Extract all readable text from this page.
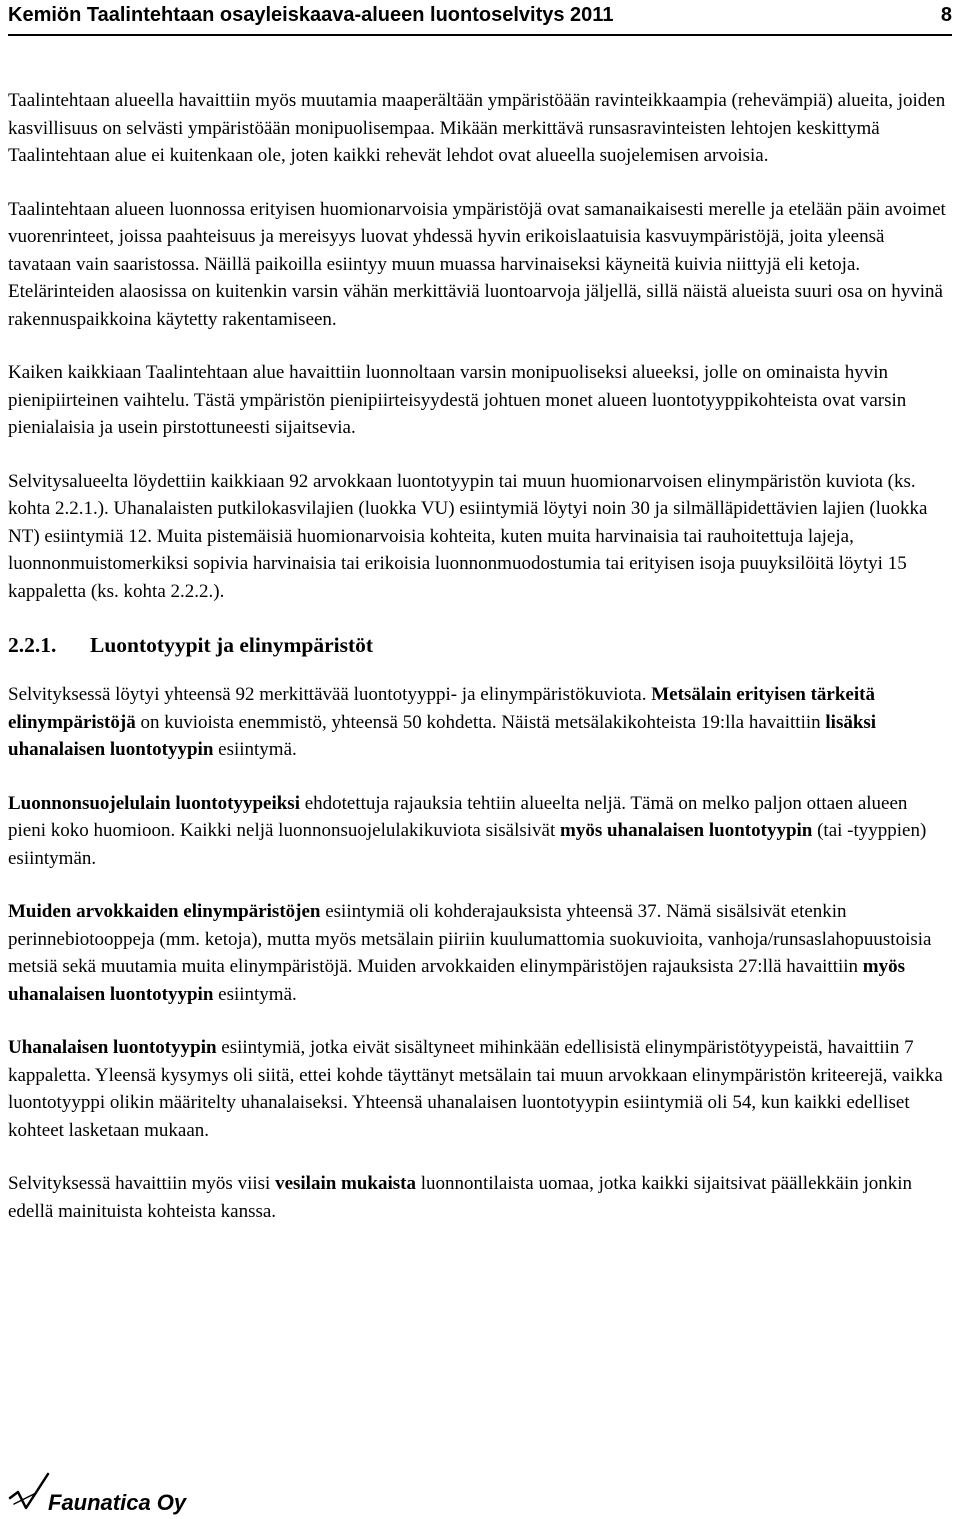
Kemiön Taalintehtaan osayleiskaava-alueen luontoselvitys 2011	8

Taalintehtaan alueella havaittiin myös muutamia maaperältään ympäristöään ravinteikkaampia (rehevämpiä) alueita, joiden kasvillisuus on selvästi ympäristöään monipuolisempaa. Mikään merkittävä runsasravinteisten lehtojen keskittymä Taalintehtaan alue ei kuitenkaan ole, joten kaikki rehevät lehdot ovat alueella suojelemisen arvoisia.

Taalintehtaan alueen luonnossa erityisen huomionarvoisia ympäristöjä ovat samanaikaisesti merelle ja etelään päin avoimet vuorenrinteet, joissa paahteisuus ja mereisyys luovat yhdessä hyvin erikoislaatuisia kasvuympäristöjä, joita yleensä tavataan vain saaristossa. Näillä paikoilla esiintyy muun muassa harvinaiseksi käyneitä kuivia niittyjä eli ketoja. Etelärinteiden alaosissa on kuitenkin varsin vähän merkittäviä luontoarvoja jäljellä, sillä näistä alueista suuri osa on hyvinä rakennuspaikkoina käytetty rakentamiseen.

Kaiken kaikkiaan Taalintehtaan alue havaittiin luonnoltaan varsin monipuoliseksi alueeksi, jolle on ominaista hyvin pienipiirteinen vaihtelu. Tästä ympäristön pienipiirteisyydestä johtuen monet alueen luontotyyppikohteista ovat varsin pienialaisia ja usein pirstottuneesti sijaitsevia.

Selvitysalueelta löydettiin kaikkiaan 92 arvokkaan luontotyypin tai muun huomionarvoisen elinympäristön kuviota (ks. kohta 2.2.1.). Uhanalaisten putkilokasvilajien (luokka VU) esiintymiä löytyi noin 30 ja silmälläpidettävien lajien (luokka NT) esiintymiä 12. Muita pistemäisiä huomionarvoisia kohteita, kuten muita harvinaisia tai rauhoitettuja lajeja, luonnonmuistomerkiksi sopivia harvinaisia tai erikoisia luonnonmuodostumia tai erityisen isoja puuyksilöitä löytyi 15 kappaletta (ks. kohta 2.2.2.).

2.2.1. Luontotyypit ja elinympäristöt

Selvityksessä löytyi yhteensä 92 merkittävää luontotyyppi- ja elinympäristökuviota. Metsälain erityisen tärkeitä elinympäristöjä on kuvioista enemmistö, yhteensä 50 kohdetta. Näistä metsälakikohteista 19:lla havaittiin lisäksi uhanalaisen luontotyypin esiintymä.

Luonnonsuojelulain luontotyypeiksi ehdotettuja rajauksia tehtiin alueelta neljä. Tämä on melko paljon ottaen alueen pieni koko huomioon. Kaikki neljä luonnonsuojelulakikuviota sisälsivät myös uhanalaisen luontotyypin (tai -tyyppien) esiintymän.

Muiden arvokkaiden elinympäristöjen esiintymiä oli kohderajauksista yhteensä 37. Nämä sisälsivät etenkin perinnebiotooppeja (mm. ketoja), mutta myös metsälain piiriin kuulumattomia suokuvioita, vanhoja/runsaslahopuustoisia metsiä sekä muutamia muita elinympäristöjä. Muiden arvokkaiden elinympäristöjen rajauksista 27:llä havaittiin myös uhanalaisen luontotyypin esiintymä.

Uhanalaisen luontotyypin esiintymiä, jotka eivät sisältyneet mihinkään edellisistä elinympäristötyypeistä, havaittiin 7 kappaletta. Yleensä kysymys oli siitä, ettei kohde täyttänyt metsälain tai muun arvokkaan elinympäristön kriteerejä, vaikka luontotyyppi olikin määritelty uhanalaiseksi. Yhteensä uhanalaisen luontotyypin esiintymiä oli 54, kun kaikki edelliset kohteet lasketaan mukaan.

Selvityksessä havaittiin myös viisi vesilain mukaista luonnontilaista uomaa, jotka kaikki sijaitsivat päällekkäin jonkin edellä mainituista kohteista kanssa.

Faunatica Oy
